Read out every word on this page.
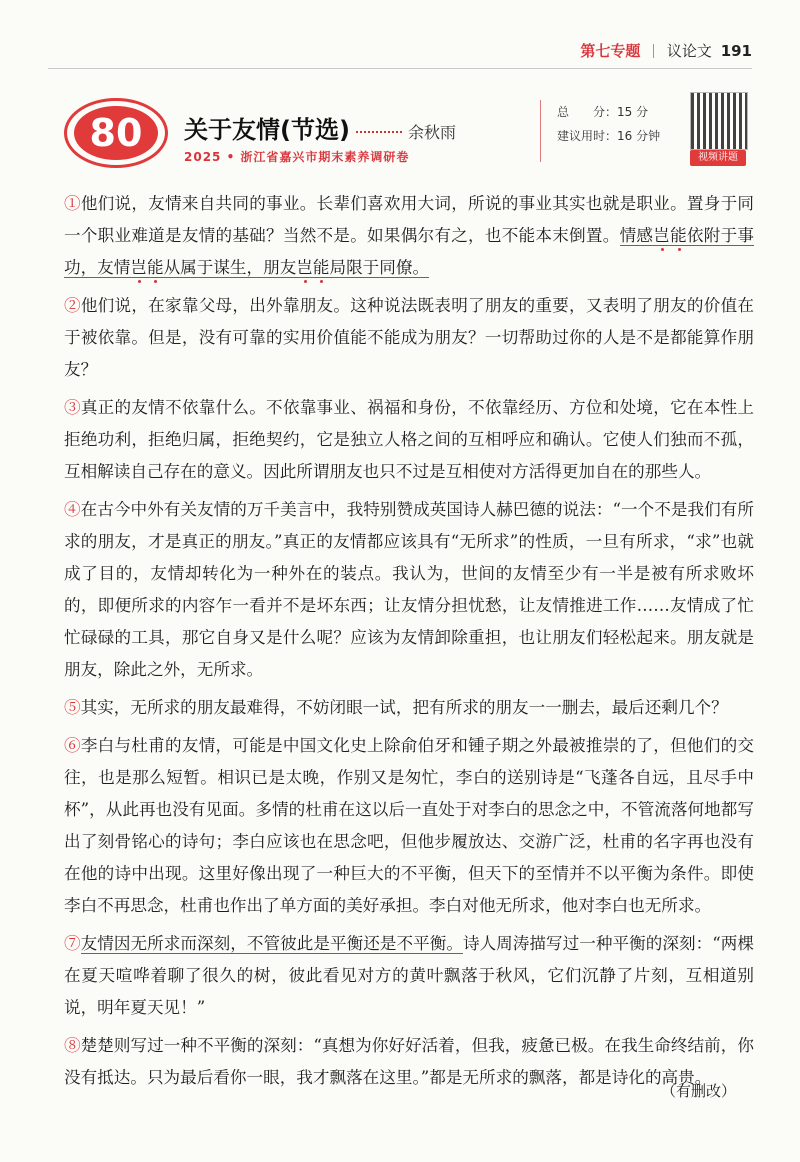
第七专题 议论文 191
80	关于友情(节选)	余秋雨
2025 • 浙江省嘉兴市期末素养调研卷
总　　分：15 分
建议用时：16 分钟
视频讲题

①他们说，友情来自共同的事业。长辈们喜欢用大词，所说的事业其实也就是职业。置身于同一个职业难道是友情的基础？当然不是。如果偶尔有之，也不能本末倒置。情感岂能依附于事功，友情岂能从属于谋生，朋友岂能局限于同僚。

②他们说，在家靠父母，出外靠朋友。这种说法既表明了朋友的重要，又表明了朋友的价值在于被依靠。但是，没有可靠的实用价值能不能成为朋友？一切帮助过你的人是不是都能算作朋友？

③真正的友情不依靠什么。不依靠事业、祸福和身份，不依靠经历、方位和处境，它在本性上拒绝功利，拒绝归属，拒绝契约，它是独立人格之间的互相呼应和确认。它使人们独而不孤，互相解读自己存在的意义。因此所谓朋友也只不过是互相使对方活得更加自在的那些人。

④在古今中外有关友情的万千美言中，我特别赞成英国诗人赫巴德的说法：“一个不是我们有所求的朋友，才是真正的朋友。”真正的友情都应该具有“无所求”的性质，一旦有所求，“求”也就成了目的，友情却转化为一种外在的装点。我认为，世间的友情至少有一半是被有所求败坏的，即便所求的内容乍一看并不是坏东西；让友情分担忧愁，让友情推进工作……友情成了忙忙碌碌的工具，那它自身又是什么呢？应该为友情卸除重担，也让朋友们轻松起来。朋友就是朋友，除此之外，无所求。

⑤其实，无所求的朋友最难得，不妨闭眼一试，把有所求的朋友一一删去，最后还剩几个？

⑥李白与杜甫的友情，可能是中国文化史上除俞伯牙和锺子期之外最被推崇的了，但他们的交往，也是那么短暂。相识已是太晚，作别又是匆忙，李白的送别诗是“飞蓬各自远，且尽手中杯”，从此再也没有见面。多情的杜甫在这以后一直处于对李白的思念之中，不管流落何地都写出了刻骨铭心的诗句；李白应该也在思念吧，但他步履放达、交游广泛，杜甫的名字再也没有在他的诗中出现。这里好像出现了一种巨大的不平衡，但天下的至情并不以平衡为条件。即使李白不再思念，杜甫也作出了单方面的美好承担。李白对他无所求，他对李白也无所求。

⑦友情因无所求而深刻，不管彼此是平衡还是不平衡。诗人周涛描写过一种平衡的深刻：“两棵在夏天喧哗着聊了很久的树，彼此看见对方的黄叶飘落于秋风，它们沉静了片刻，互相道别说，明年夏天见！”

⑧楚楚则写过一种不平衡的深刻：“真想为你好好活着，但我，疲惫已极。在我生命终结前，你没有抵达。只为最后看你一眼，我才飘落在这里。”都是无所求的飘落，都是诗化的高贵。

（有删改）
